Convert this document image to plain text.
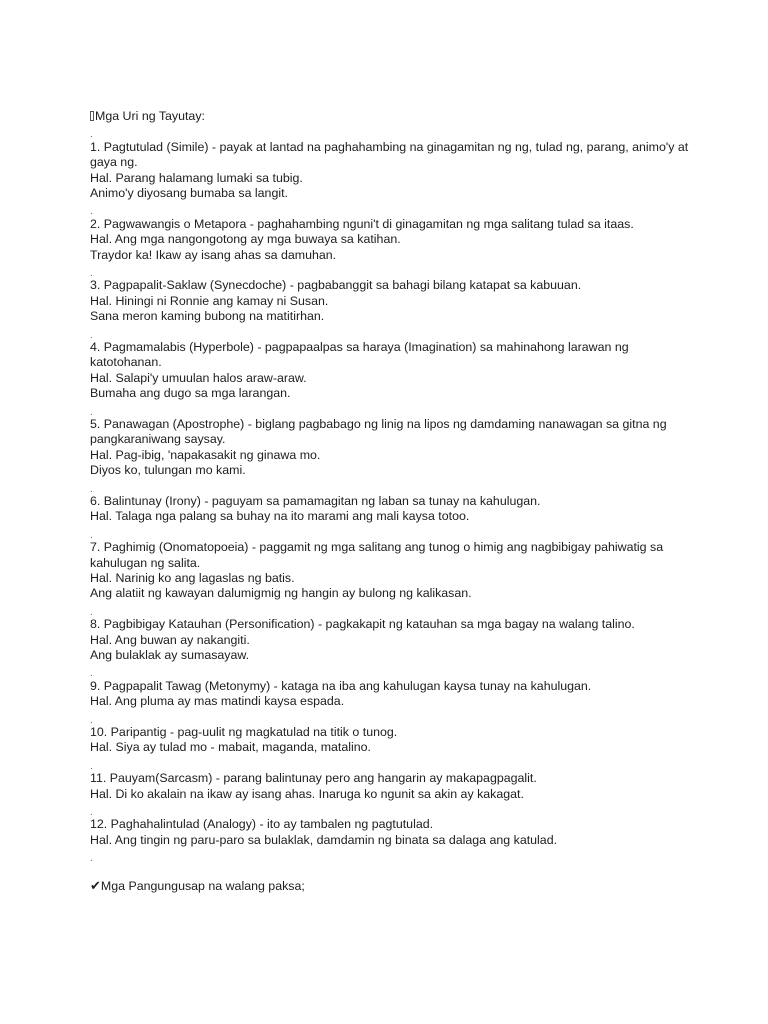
Mga Uri ng Tayutay:
.
1. Pagtutulad (Simile) - payak at lantad na paghahambing na ginagamitan ng ng, tulad ng, parang, animo'y at gaya ng.
Hal. Parang halamang lumaki sa tubig.
Animo'y diyosang bumaba sa langit.
.
2. Pagwawangis o Metapora - paghahambing nguni't di ginagamitan ng mga salitang tulad sa itaas.
Hal. Ang mga nangongotong ay mga buwaya sa katihan.
Traydor ka! Ikaw ay isang ahas sa damuhan.
.
3. Pagpapalit-Saklaw (Synecdoche) - pagbabanggit sa bahagi bilang katapat sa kabuuan.
Hal. Hiningi ni Ronnie ang kamay ni Susan.
Sana meron kaming bubong na matitirhan.
.
4. Pagmamalabis (Hyperbole) - pagpapaalpas sa haraya (Imagination) sa mahinahong larawan ng katotohanan.
Hal. Salapi'y umuulan halos araw-araw.
Bumaha ang dugo sa mga larangan.
.
5. Panawagan (Apostrophe) - biglang pagbabago ng linig na lipos ng damdaming nanawagan sa gitna ng pangkaraniwang saysay.
Hal. Pag-ibig, 'napakasakit ng ginawa mo.
Diyos ko, tulungan mo kami.
.
6. Balintunay (Irony) - paguyam sa pamamagitan ng laban sa tunay na kahulugan.
Hal. Talaga nga palang sa buhay na ito marami ang mali kaysa totoo.
.
7. Paghimig (Onomatopoeia) - paggamit ng mga salitang ang tunog o himig ang nagbibigay pahiwatig sa kahulugan ng salita.
Hal. Narinig ko ang lagaslas ng batis.
Ang alatiit ng kawayan dalumigmig ng hangin ay bulong ng kalikasan.
.
8. Pagbibigay Katauhan (Personification) - pagkakapit ng katauhan sa mga bagay na walang talino.
Hal. Ang buwan ay nakangiti.
Ang bulaklak ay sumasayaw.
.
9. Pagpapalit Tawag (Metonymy) - kataga na iba ang kahulugan kaysa tunay na kahulugan.
Hal. Ang pluma ay mas matindi kaysa espada.
.
10. Paripantig - pag-uulit ng magkatulad na titik o tunog.
Hal. Siya ay tulad mo - mabait, maganda, matalino.
.
11. Pauyam(Sarcasm) - parang balintunay pero ang hangarin ay makapagpagalit.
Hal. Di ko akalain na ikaw ay isang ahas. Inaruga ko ngunit sa akin ay kakagat.
.
12. Paghahalintulad (Analogy) - ito ay tambalen ng pagtutulad.
Hal. Ang tingin ng paru-paro sa bulaklak, damdamin ng binata sa dalaga ang katulad.
.
✔Mga Pangungusap na walang paksa;
